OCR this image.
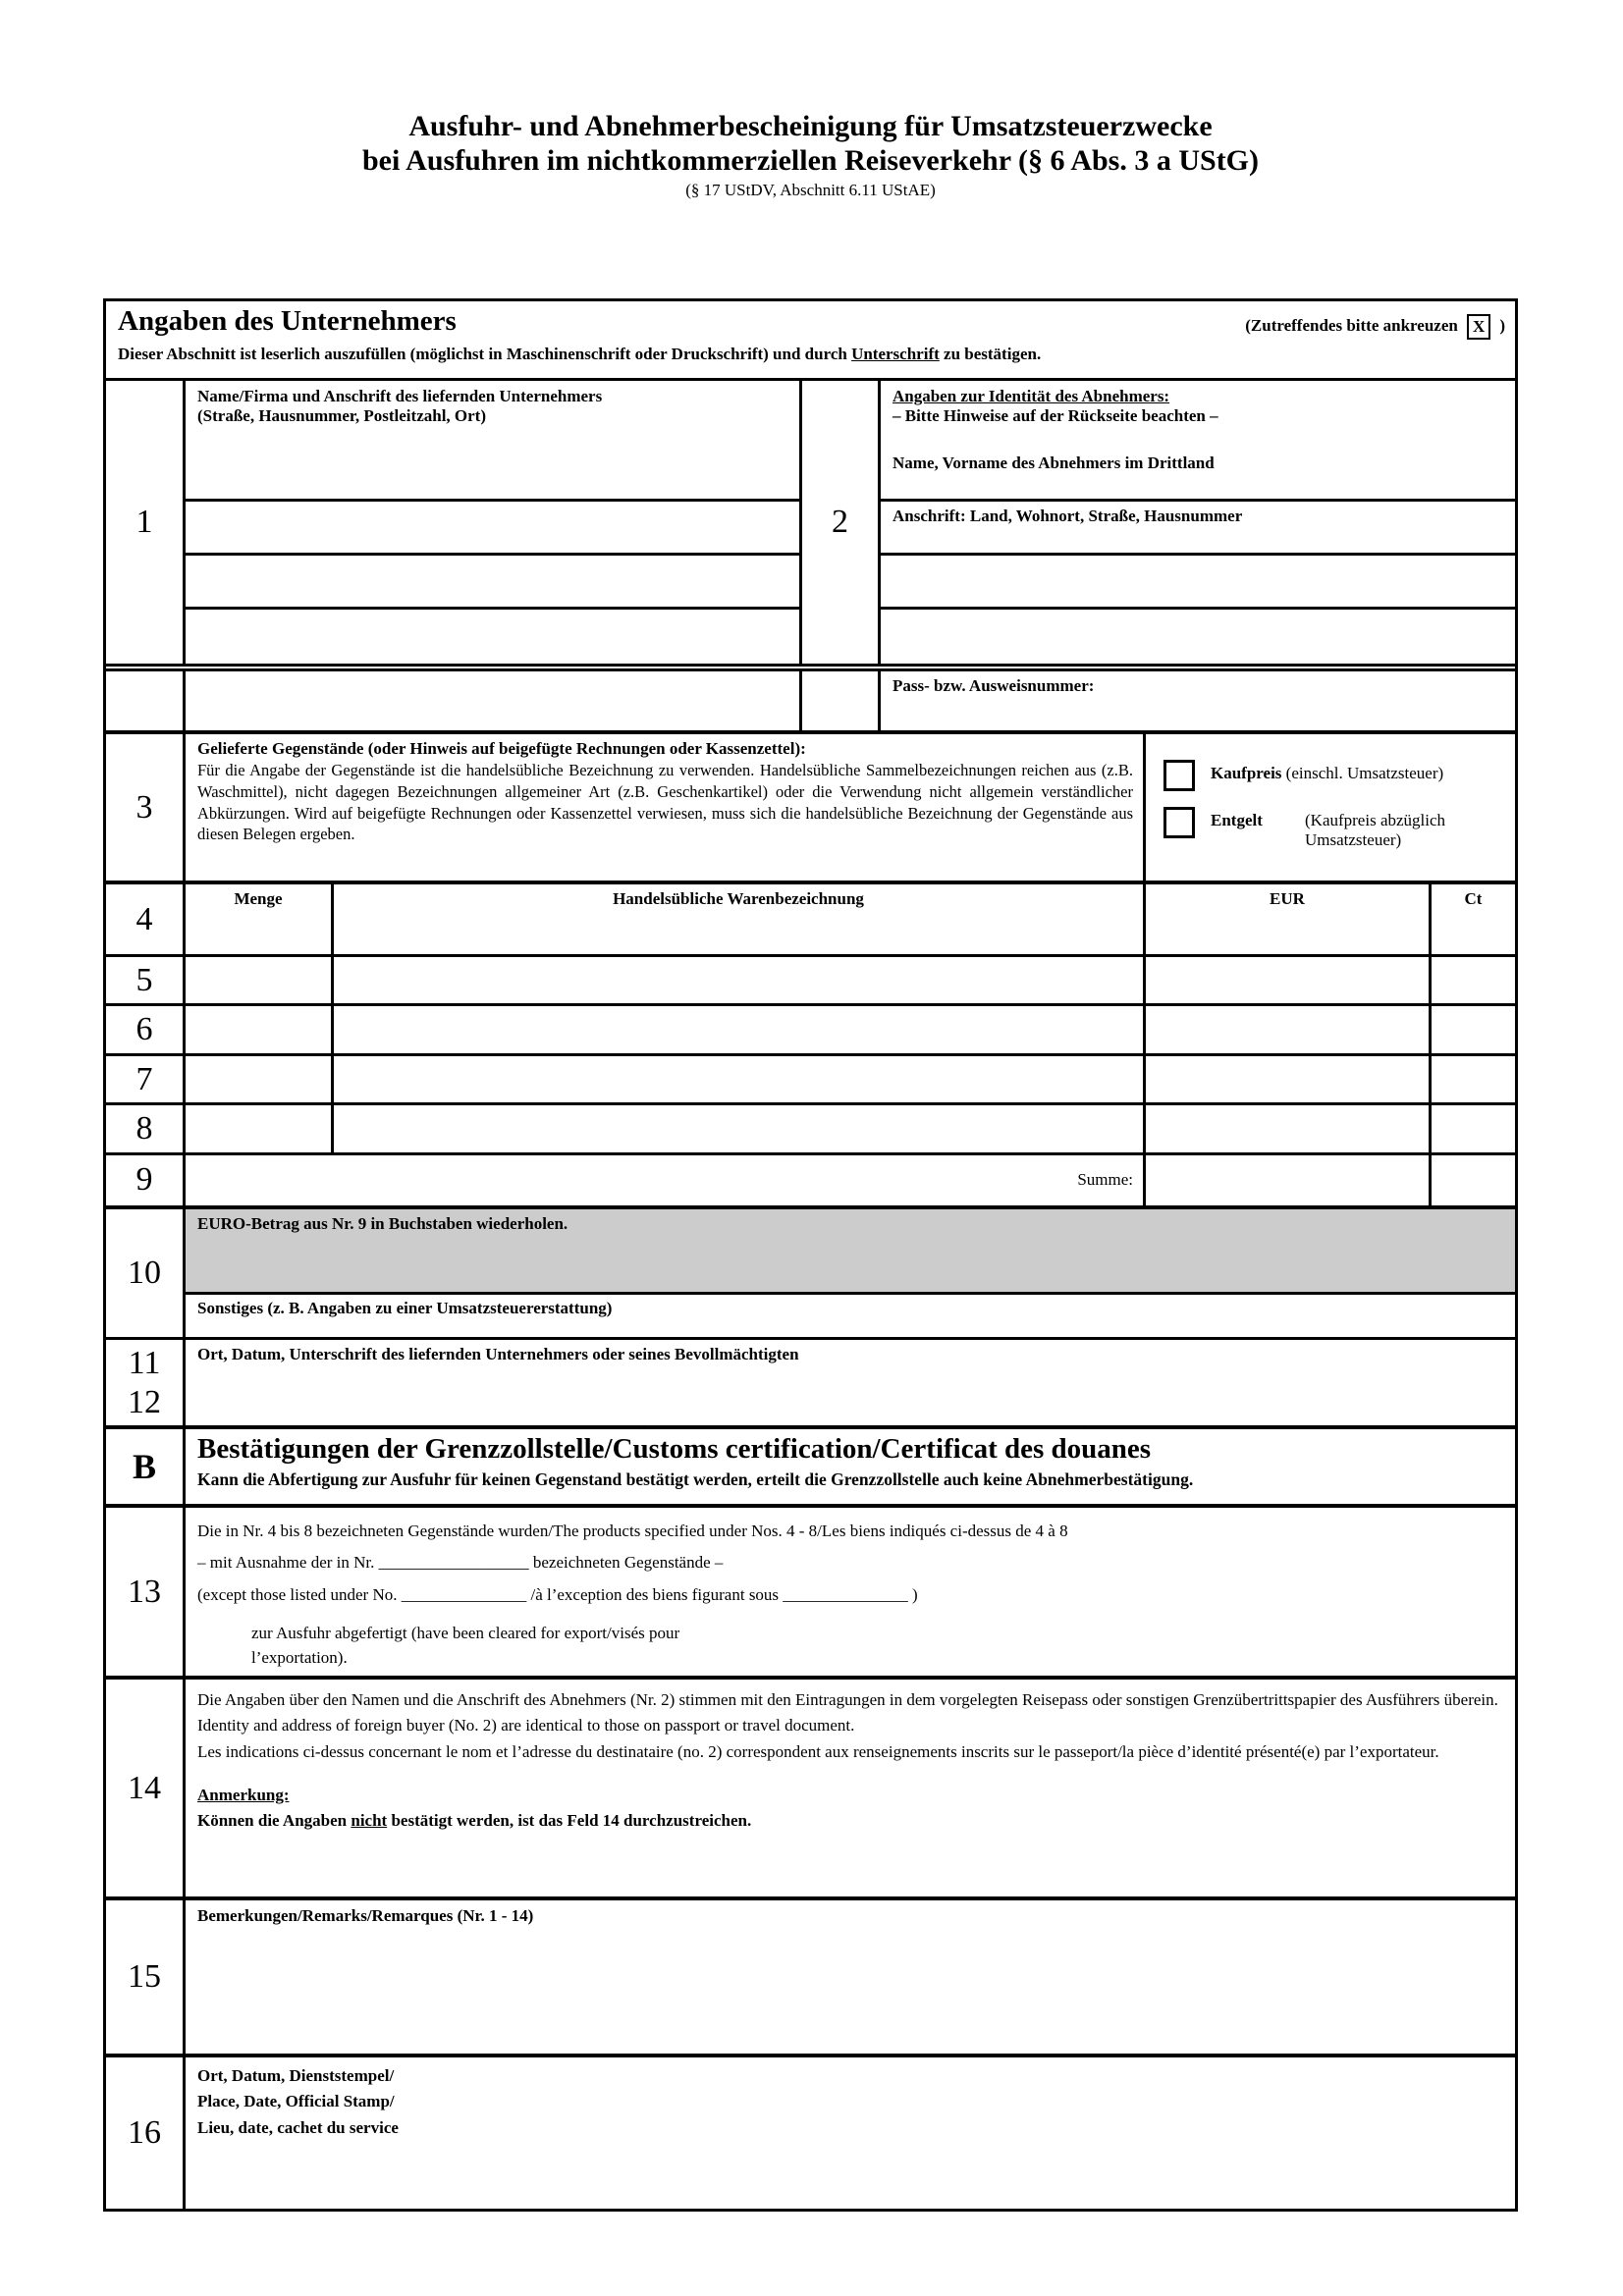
Ausfuhr- und Abnehmerbescheinigung für Umsatzsteuerzwecke
bei Ausfuhren im nichtkommerziellen Reiseverkehr (§ 6 Abs. 3 a UStG)
(§ 17 UStDV, Abschnitt 6.11 UStAE)
Angaben des Unternehmers	(Zutreffendes bitte ankreuzen X )
Dieser Abschnitt ist leserlich auszufüllen (möglichst in Maschinenschrift oder Druckschrift) und durch Unterschrift zu bestätigen.
1
Name/Firma und Anschrift des liefernden Unternehmers
(Straße, Hausnummer, Postleitzahl, Ort)
2
Angaben zur Identität des Abnehmers:
– Bitte Hinweise auf der Rückseite beachten –
Name, Vorname des Abnehmers im Drittland
Anschrift: Land, Wohnort, Straße, Hausnummer
Pass- bzw. Ausweisnummer:
3
Gelieferte Gegenstände (oder Hinweis auf beigefügte Rechnungen oder Kassenzettel):
Für die Angabe der Gegenstände ist die handelsübliche Bezeichnung zu verwenden. Handelsübliche Sammelbezeichnungen reichen aus (z.B. Waschmittel), nicht dagegen Bezeichnungen allgemeiner Art (z.B. Geschenkartikel) oder die Verwendung nicht allgemein verständlicher Abkürzungen. Wird auf beigefügte Rechnungen oder Kassenzettel verwiesen, muss sich die handelsübliche Bezeichnung der Gegenstände aus diesen Belegen ergeben.
Kaufpreis (einschl. Umsatzsteuer)
Entgelt	(Kaufpreis abzüglich
Umsatzsteuer)
4
Menge	Handelsübliche Warenbezeichnung	EUR	Ct
5
6
7
8
9	Summe:
10
EURO-Betrag aus Nr. 9 in Buchstaben wiederholen.
Sonstiges (z. B. Angaben zu einer Umsatzsteuererstattung)
11
12
Ort, Datum, Unterschrift des liefernden Unternehmers oder seines Bevollmächtigten
B	Bestätigungen der Grenzzollstelle/Customs certification/Certificat des douanes
Kann die Abfertigung zur Ausfuhr für keinen Gegenstand bestätigt werden, erteilt die Grenzzollstelle auch keine Abnehmerbestätigung.
13
Die in Nr. 4 bis 8 bezeichneten Gegenstände wurden/The products specified under Nos. 4 - 8/Les biens indiqués ci-dessus de 4 à 8
– mit Ausnahme der in Nr. __________________ bezeichneten Gegenstände –
(except those listed under No. _______________ /à l’exception des biens figurant sous _______________ )
zur Ausfuhr abgefertigt (have been cleared for export/visés pour
l’exportation).
14
Die Angaben über den Namen und die Anschrift des Abnehmers (Nr. 2) stimmen mit den Eintragungen in dem vorgelegten Reisepass oder sonstigen Grenzübertrittspapier des Ausführers überein.
Identity and address of foreign buyer (No. 2) are identical to those on passport or travel document.
Les indications ci-dessus concernant le nom et l’adresse du destinataire (no. 2) correspondent aux renseignements inscrits sur le passeport/la pièce d’identité présenté(e) par l’exportateur.
Anmerkung:
Können die Angaben nicht bestätigt werden, ist das Feld 14 durchzustreichen.
15
Bemerkungen/Remarks/Remarques (Nr. 1 - 14)
16
Ort, Datum, Dienststempel/
Place, Date, Official Stamp/
Lieu, date, cachet du service
